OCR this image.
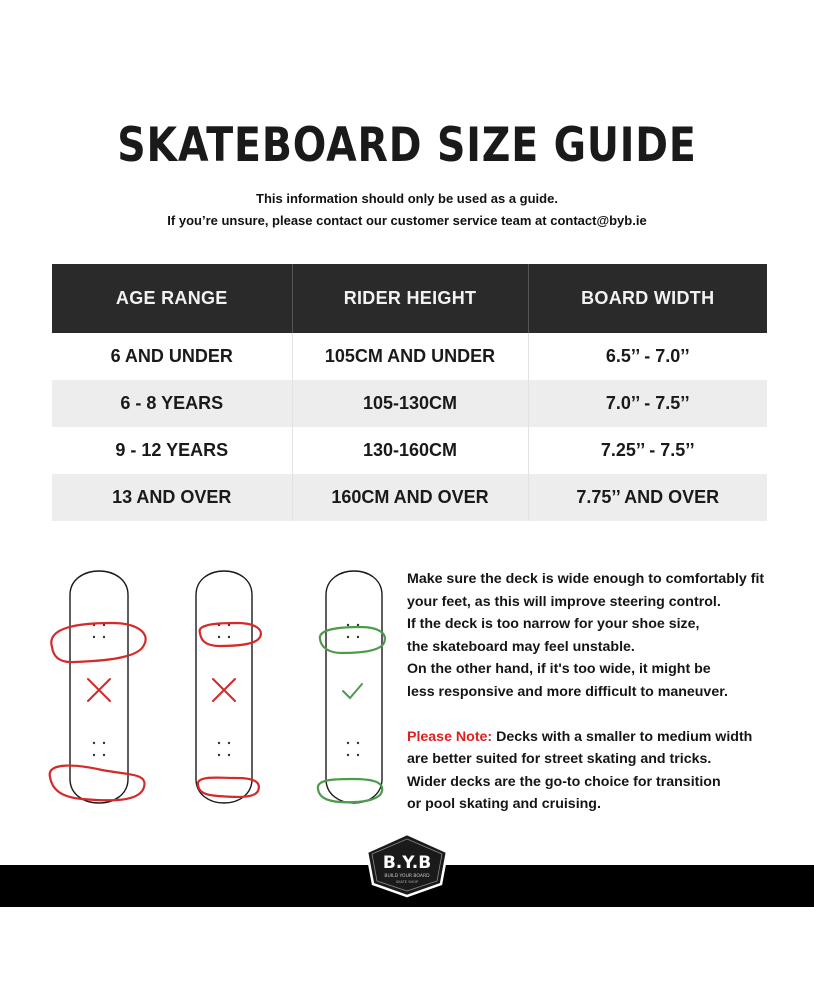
SKATEBOARD SIZE GUIDE
This information should only be used as a guide.
If you’re unsure, please contact our customer service team at contact@byb.ie
AGE RANGE	RIDER HEIGHT	BOARD WIDTH
6 AND UNDER	105CM AND UNDER	6.5’’ - 7.0’’
6 - 8 YEARS	105-130CM	7.0’’ - 7.5’’
9 - 12 YEARS	130-160CM	7.25’’ - 7.5’’
13 AND OVER	160CM AND OVER	7.75’’ AND OVER

Make sure the deck is wide enough to comfortably fit

your feet, as this will improve steering control.

If the deck is too narrow for your shoe size,

the skateboard may feel unstable.

On the other hand, if it's too wide, it might be

less responsive and more difficult to maneuver.

Please Note: Decks with a smaller to medium width

are better suited for street skating and tricks.

Wider decks are the go-to choice for transition

or pool skating and cruising.

B.Y.B
BUILD YOUR BOARD
SKATE SHOP
